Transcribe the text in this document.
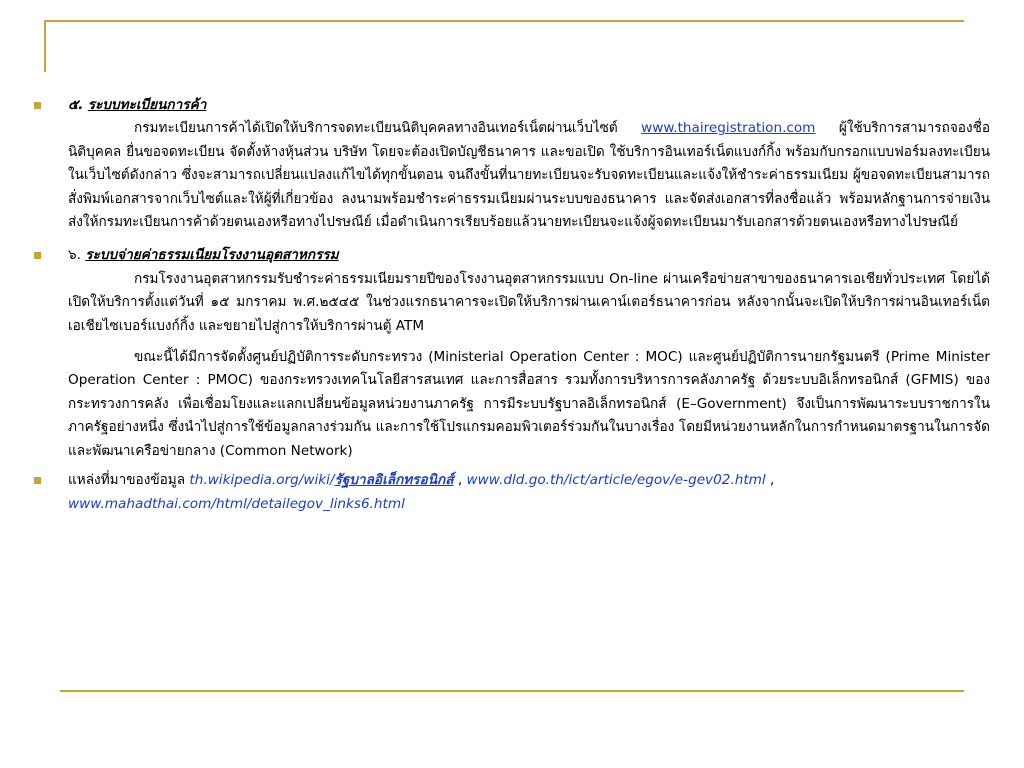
๕. ระบบทะเบียนการค้า
กรมทะเบียนการค้าได้เปิดให้บริการจดทะเบียนนิติบุคคลทางอินเทอร์เน็ตผ่านเว็บไซต์ www.thairegistration.com ผู้ใช้บริการสามารถจองชื่อนิติบุคคล ยื่นขอจดทะเบียน จัดตั้งห้างหุ้นส่วน บริษัท โดยจะต้องเปิดบัญชีธนาคาร และขอเปิด ใช้บริการอินเทอร์เน็ตแบงก์กิ้ง พร้อมกับกรอกแบบฟอร์มลงทะเบียนในเว็บไซต์ดังกล่าว ซึ่งจะสามารถเปลี่ยนแปลงแก้ไขได้ทุกขั้นตอน จนถึงขั้นที่นายทะเบียนจะรับจดทะเบียนและแจ้งให้ชำระค่าธรรมเนียม ผู้ขอจดทะเบียนสามารถสั่งพิมพ์เอกสารจากเว็บไซต์และให้ผู้ที่เกี่ยวข้อง ลงนามพร้อมชำระค่าธรรมเนียมผ่านระบบของธนาคาร และจัดส่งเอกสารที่ลงชื่อแล้ว พร้อมหลักฐานการจ่ายเงินส่งให้กรมทะเบียนการค้าด้วยตนเองหรือทางไปรษณีย์ เมื่อดำเนินการเรียบร้อยแล้วนายทะเบียนจะแจ้งผู้จดทะเบียนมารับเอกสารด้วยตนเองหรือทางไปรษณีย์
๖. ระบบจ่ายค่าธรรมเนียมโรงงานอุตสาหกรรม
กรมโรงงานอุตสาหกรรมรับชำระค่าธรรมเนียมรายปีของโรงงานอุตสาหกรรมแบบ On-line ผ่านเครือข่ายสาขาของธนาคารเอเชียทั่วประเทศ โดยได้เปิดให้บริการตั้งแต่วันที่ ๑๕ มกราคม พ.ศ.๒๕๔๕ ในช่วงแรกธนาคารจะเปิดให้บริการผ่านเคาน์เตอร์ธนาคารก่อน หลังจากนั้นจะเปิดให้บริการผ่านอินเทอร์เน็ตเอเชียไซเบอร์แบงก์กิ้ง และขยายไปสู่การให้บริการผ่านตู้ ATM
ขณะนี้ได้มีการจัดตั้งศูนย์ปฏิบัติการระดับกระทรวง (Ministerial Operation Center : MOC) และศูนย์ปฏิบัติการนายกรัฐมนตรี (Prime Minister Operation Center : PMOC) ของกระทรวงเทคโนโลยีสารสนเทศ และการสื่อสาร รวมทั้งการบริหารการคลังภาครัฐ ด้วยระบบอิเล็กทรอนิกส์ (GFMIS) ของกระทรวงการคลัง เพื่อเชื่อมโยงและแลกเปลี่ยนข้อมูลหน่วยงานภาครัฐ การมีระบบรัฐบาลอิเล็กทรอนิกส์ (E–Government) จึงเป็นการพัฒนาระบบราชการในภาครัฐอย่างหนึ่ง ซึ่งนำไปสู่การใช้ข้อมูลกลางร่วมกัน และการใช้โปรแกรมคอมพิวเตอร์ร่วมกันในบางเรื่อง โดยมีหน่วยงานหลักในการกำหนดมาตรฐานในการจัดและพัฒนาเครือข่ายกลาง (Common Network)
แหล่งที่มาของข้อมูล th.wikipedia.org/wiki/รัฐบาลอิเล็กทรอนิกส์ , www.dld.go.th/ict/article/egov/e-gev02.html ,
www.mahadthai.com/html/detailegov_links6.html
